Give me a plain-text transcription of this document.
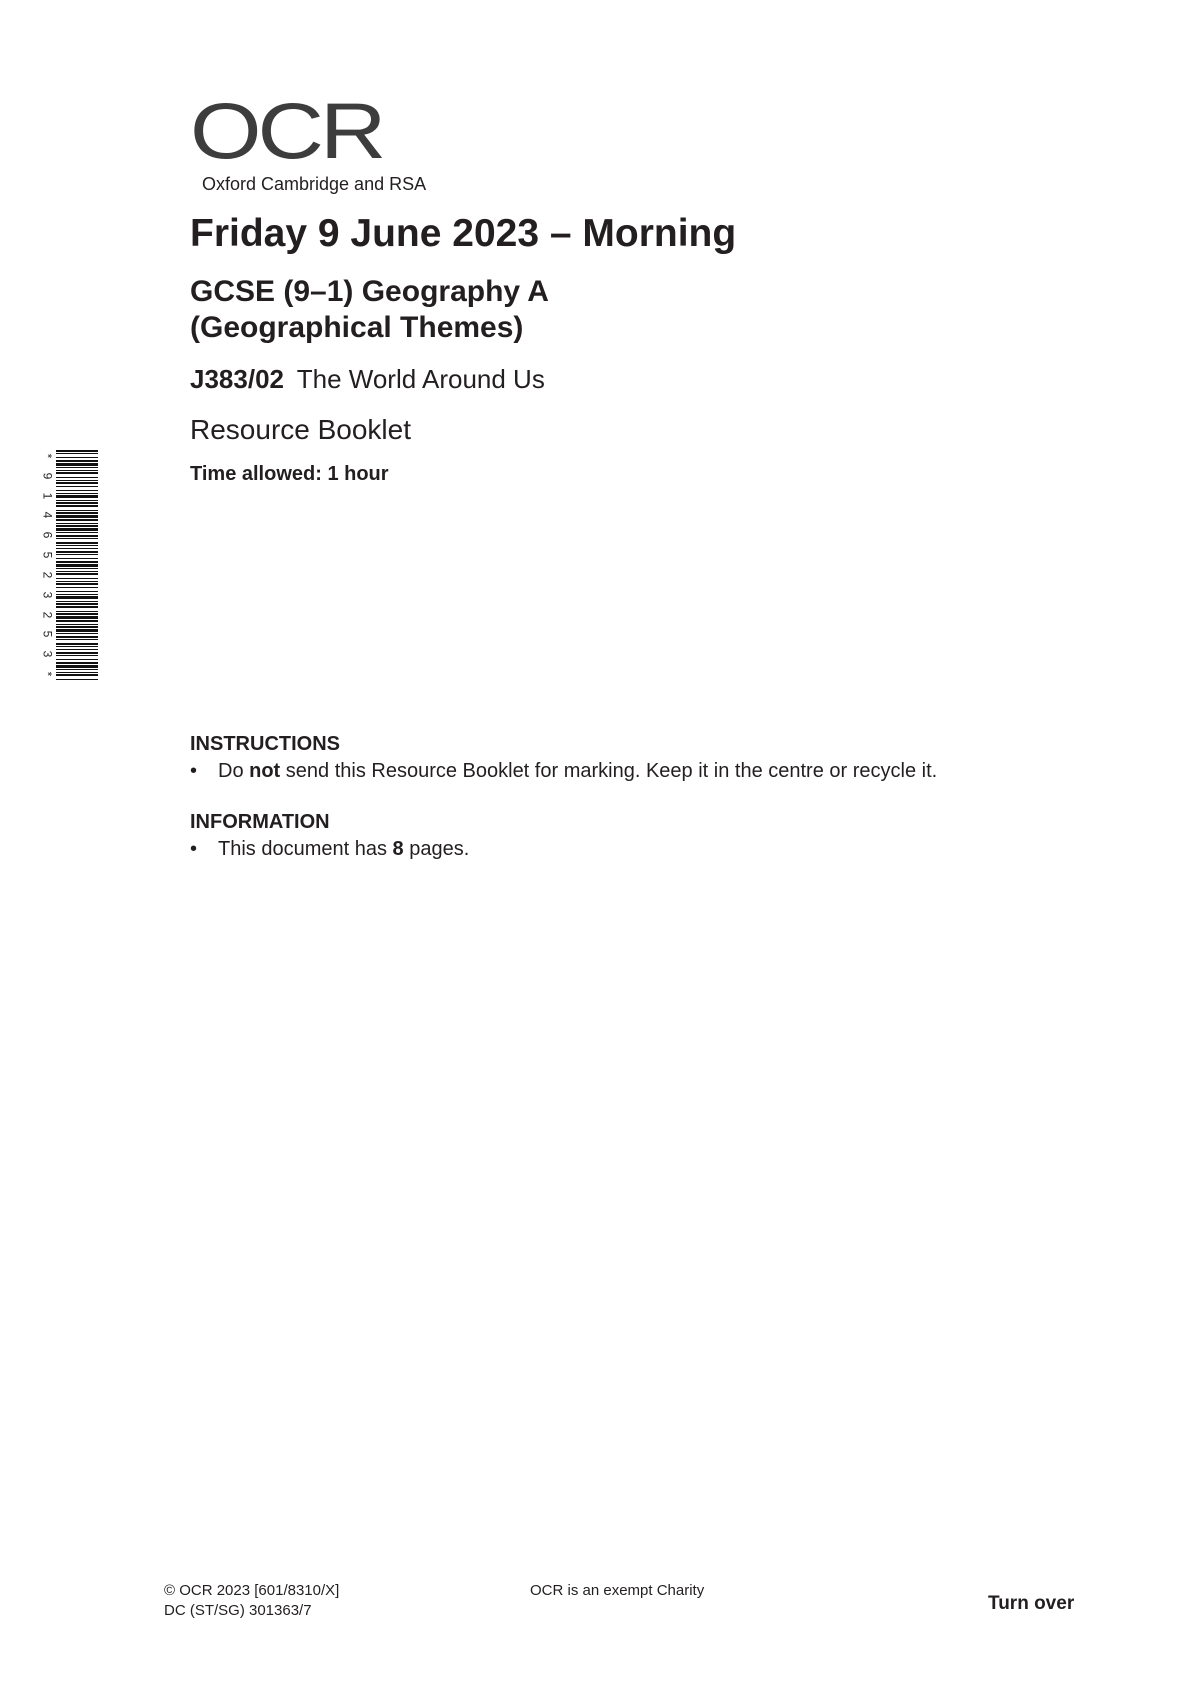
OCR
Oxford Cambridge and RSA
Friday 9 June 2023 – Morning
GCSE (9–1) Geography A
(Geographical Themes)
J383/02 The World Around Us
Resource Booklet
Time allowed: 1 hour
*
9
1
4
6
5
2
3
2
5
3
*
INSTRUCTIONS
• Do not send this Resource Booklet for marking. Keep it in the centre or recycle it.
INFORMATION
• This document has 8 pages.
© OCR 2023 [601/8310/X]
DC (ST/SG) 301363/7
OCR is an exempt Charity
Turn over
